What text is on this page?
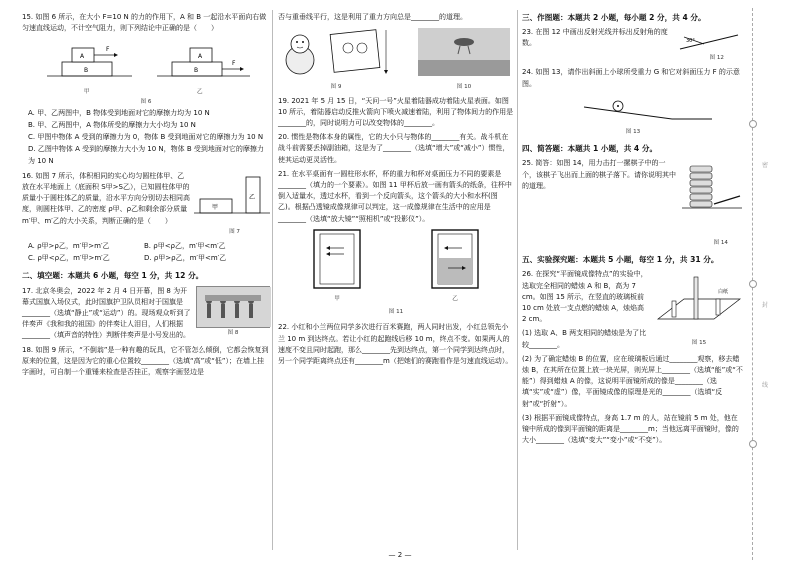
15. 如图 6 所示，在大小 F=10 N 的力的作用下，A 和 B 一起沿水平面向右做匀速直线运动，不计空气阻力，则下列结论中正确的是（　　）
A
B
F
A
B
F
甲	乙
图 6
A. 甲、乙两图中，B 物体受到地面对它的摩擦力均为 10 N
B. 甲、乙两图中，A 物体所受的摩擦力大小均为 10 N
C. 甲图中物体 A 受到的摩擦力为 0，物体 B 受到地面对它的摩擦力为 10 N
D. 乙图中物体 A 受到的摩擦力大小为 10 N，物体 B 受到地面对它的摩擦力为 10 N
甲
乙
16. 如图 7 所示，体积相同的实心均匀圆柱体甲、乙放在水平地面上（底面积 S甲>S乙），已知圆柱体甲的质量小于圆柱体乙的质量，沿水平方向分别切去相同高度，则圆柱体甲、乙的密度 ρ甲、ρ乙和剩余部分质量 m′甲、m′乙的大小关系，判断正确的是（　　）
图 7
A. ρ甲>ρ乙，m′甲>m′乙	B. ρ甲<ρ乙，m′甲<m′乙
C. ρ甲<ρ乙，m′甲>m′乙	D. ρ甲>ρ乙，m′甲<m′乙
二、填空题：本题共 6 小题，每空 1 分，共 12 分。
图 8
17. 北京冬奥会，2022 年 2 月 4 日开幕，图 8 为开幕式国旗入场仪式，此时国旗护卫队员相对于国旗是________（选填“静止”或“运动”）的。现场观众听到了伴奏声《我和我的祖国》的伴奏让人泪目，人们根据________（填声音的特性）判断伴奏声是小号发出的。
18. 如图 9 所示，“不倒翁”是一种有趣的玩具，它不管怎么倾倒，它都会恢复到原来的位置，这是因为它的重心位置较________（选填“高”或“低”）；在墙上挂字画时，可自制一个重锤来检查是否挂正，观察字画竖边是
否与重垂线平行，这是利用了重力方向总是________的道理。
图 9	图 10
19. 2021 年 5 月 15 日，“天问一号”火星着陆器成功着陆火星表面。如图 10 所示，着陆器启动反推火箭向下喷火减速着陆，利用了物体间力的作用是________的，同时说明力可以改变物体的________。
20. 惯性是物体本身的属性，它的大小只与物体的________有关。战斗机在战斗前需要丢掉副油箱，这是为了________（选填“增大”或“减小”）惯性，使其运动更灵活性。
21. 在水平桌面有一圆柱形水杯，杯的重力和杯对桌面压力不同的要素是________（填力的一个要素）。如图 11 甲杯后放一画有箭头的纸条，往杯中倒入适量水，透过水杯，看到一个反向箭头，这个箭头的大小和水杯(图乙)。根据凸透镜成像规律可以判定，这一成像规律在生活中的应用是________（选填“放大镜”“照相机”或“投影仪”）。
甲	乙
图 11
22. 小红和小兰两位同学多次进行百米赛跑，两人同时出发，小红总领先小兰 10 m 到达终点。若让小红的起跑线后移 10 m，终点不变。如果两人的速度不变且同时起跑，那么________先到达终点，第一个同学到达终点时，另一个同学距离终点还有________m（把她们的赛跑看作是匀速直线运动）。
三、作图题：本题共 2 小题，每小题 2 分，共 4 分。
30°
23. 在图 12 中画出反射光线并标出反射角的度数。
图 12
24. 如图 13，请作出斜面上小球所受重力 G 和它对斜面压力 F 的示意图。
图 13
四、简答题：本题共 1 小题，共 4 分。
25. 简答：如图 14，用力击打一摞棋子中的一个，该棋子飞出而上面的棋子落下。请你说明其中的道理。
图 14
五、实验探究题：本题共 5 小题，每空 1 分，共 31 分。
白纸
图 15
26. 在探究“平面镜成像特点”的实验中，选取完全相同的蜡烛 A 和 B，高为 7 cm。如图 15 所示，在竖直的玻璃板前 10 cm 处放一支点燃的蜡烛 A，烛焰高 2 cm。
(1) 选取 A、B 两支相同的蜡烛是为了比较________。
(2) 为了确定蜡烛 B 的位置，应在玻璃板后通过________观察，移去蜡烛 B，在其所在位置上放一块光屏，则光屏上________（选填“能”或“不能”）得到蜡烛 A 的像，这说明平面镜所成的像是________（选填“实”或“虚”）像，平面镜成像的原理是光的________（选填“反射”或“折射”）。
(3) 根据平面镜成像特点，身高 1.7 m 的人，站在镜前 5 m 处，他在镜中所成的像到平面镜的距离是________m；当他远离平面镜时，像的大小________（选填“变大”“变小”或“不变”）。
密
封
线
— 2 —
